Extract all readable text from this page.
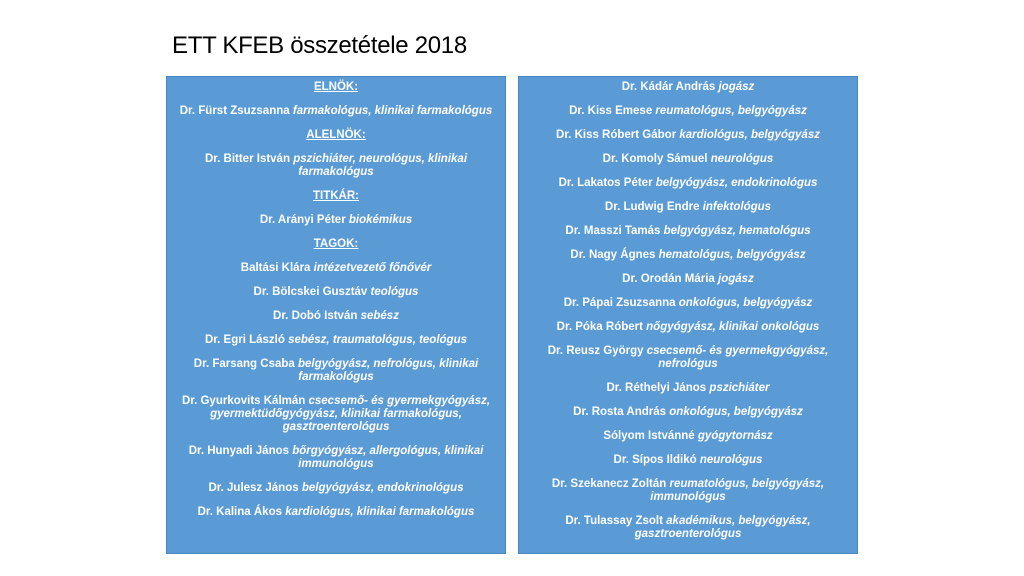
ETT KFEB összetétele 2018
ELNÖK:
Dr. Fürst Zsuzsanna farmakológus, klinikai farmakológus
ALELNÖK:
Dr. Bitter István pszichiáter, neurológus, klinikai farmakológus
TITKÁR:
Dr. Arányi Péter biokémikus
TAGOK:
Baltási Klára intézetvezető főnővér
Dr. Bölcskei Gusztáv teológus
Dr. Dobó István sebész
Dr. Egri László sebész, traumatológus, teológus
Dr. Farsang Csaba belgyógyász, nefrológus, klinikai farmakológus
Dr. Gyurkovits Kálmán csecsemő- és gyermekgyógyász, gyermektüdőgyógyász, klinikai farmakológus, gasztroenterológus
Dr. Hunyadi János bőrgyógyász, allergológus, klinikai immunológus
Dr. Julesz János belgyógyász, endokrinológus
Dr. Kalina Ákos kardiológus, klinikai farmakológus
Dr. Kádár András jogász
Dr. Kiss Emese reumatológus, belgyógyász
Dr. Kiss Róbert Gábor kardiológus, belgyógyász
Dr. Komoly Sámuel neurológus
Dr. Lakatos Péter belgyógyász, endokrinológus
Dr. Ludwig Endre infektológus
Dr. Masszi Tamás belgyógyász, hematológus
Dr. Nagy Ágnes hematológus, belgyógyász
Dr. Orodán Mária jogász
Dr. Pápai Zsuzsanna onkológus, belgyógyász
Dr. Póka Róbert nőgyógyász, klinikai onkológus
Dr. Reusz György csecsemő- és gyermekgyógyász, nefrológus
Dr. Réthelyi János pszichiáter
Dr. Rosta András onkológus, belgyógyász
Sólyom Istvánné gyógytornász
Dr. Sípos Ildikó neurológus
Dr. Szekanecz Zoltán reumatológus, belgyógyász, immunológus
Dr. Tulassay Zsolt akadémikus, belgyógyász, gasztroenterológus
